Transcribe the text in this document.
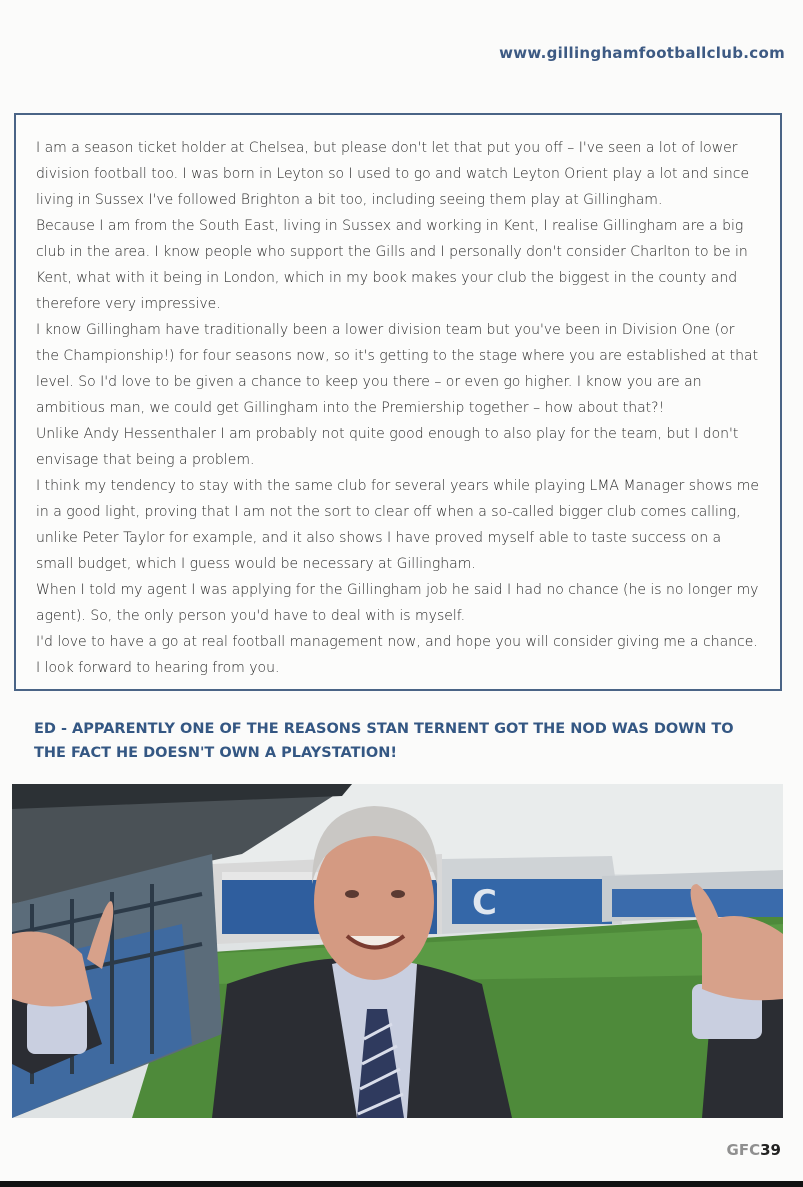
www.gillinghamfootballclub.com

I am a season ticket holder at Chelsea, but please don't let that put you off – I've seen a lot of lower division football too. I was born in Leyton so I used to go and watch Leyton Orient play a lot and since living in Sussex I've followed Brighton a bit too, including seeing them play at Gillingham.

Because I am from the South East, living in Sussex and working in Kent, I realise Gillingham are a big club in the area. I know people who support the Gills and I personally don't consider Charlton to be in Kent, what with it being in London, which in my book makes your club the biggest in the county and therefore very impressive.

I know Gillingham have traditionally been a lower division team but you've been in Division One (or the Championship!) for four seasons now, so it's getting to the stage where you are established at that level. So I'd love to be given a chance to keep you there – or even go higher. I know you are an ambitious man, we could get Gillingham into the Premiership together – how about that?!

Unlike Andy Hessenthaler I am probably not quite good enough to also play for the team, but I don't envisage that being a problem.

I think my tendency to stay with the same club for several years while playing LMA Manager shows me in a good light, proving that I am not the sort to clear off when a so-called bigger club comes calling, unlike Peter Taylor for example, and it also shows I have proved myself able to taste success on a small budget, which I guess would be necessary at Gillingham.

When I told my agent I was applying for the Gillingham job he said I had no chance (he is no longer my agent). So, the only person you'd have to deal with is myself.

I'd love to have a go at real football management now, and hope you will consider giving me a chance. I look forward to hearing from you.

ED - APPARENTLY ONE OF THE REASONS STAN TERNENT GOT THE NOD WAS DOWN TO THE FACT HE DOESN'T OWN A PLAYSTATION!
C
GFC39
